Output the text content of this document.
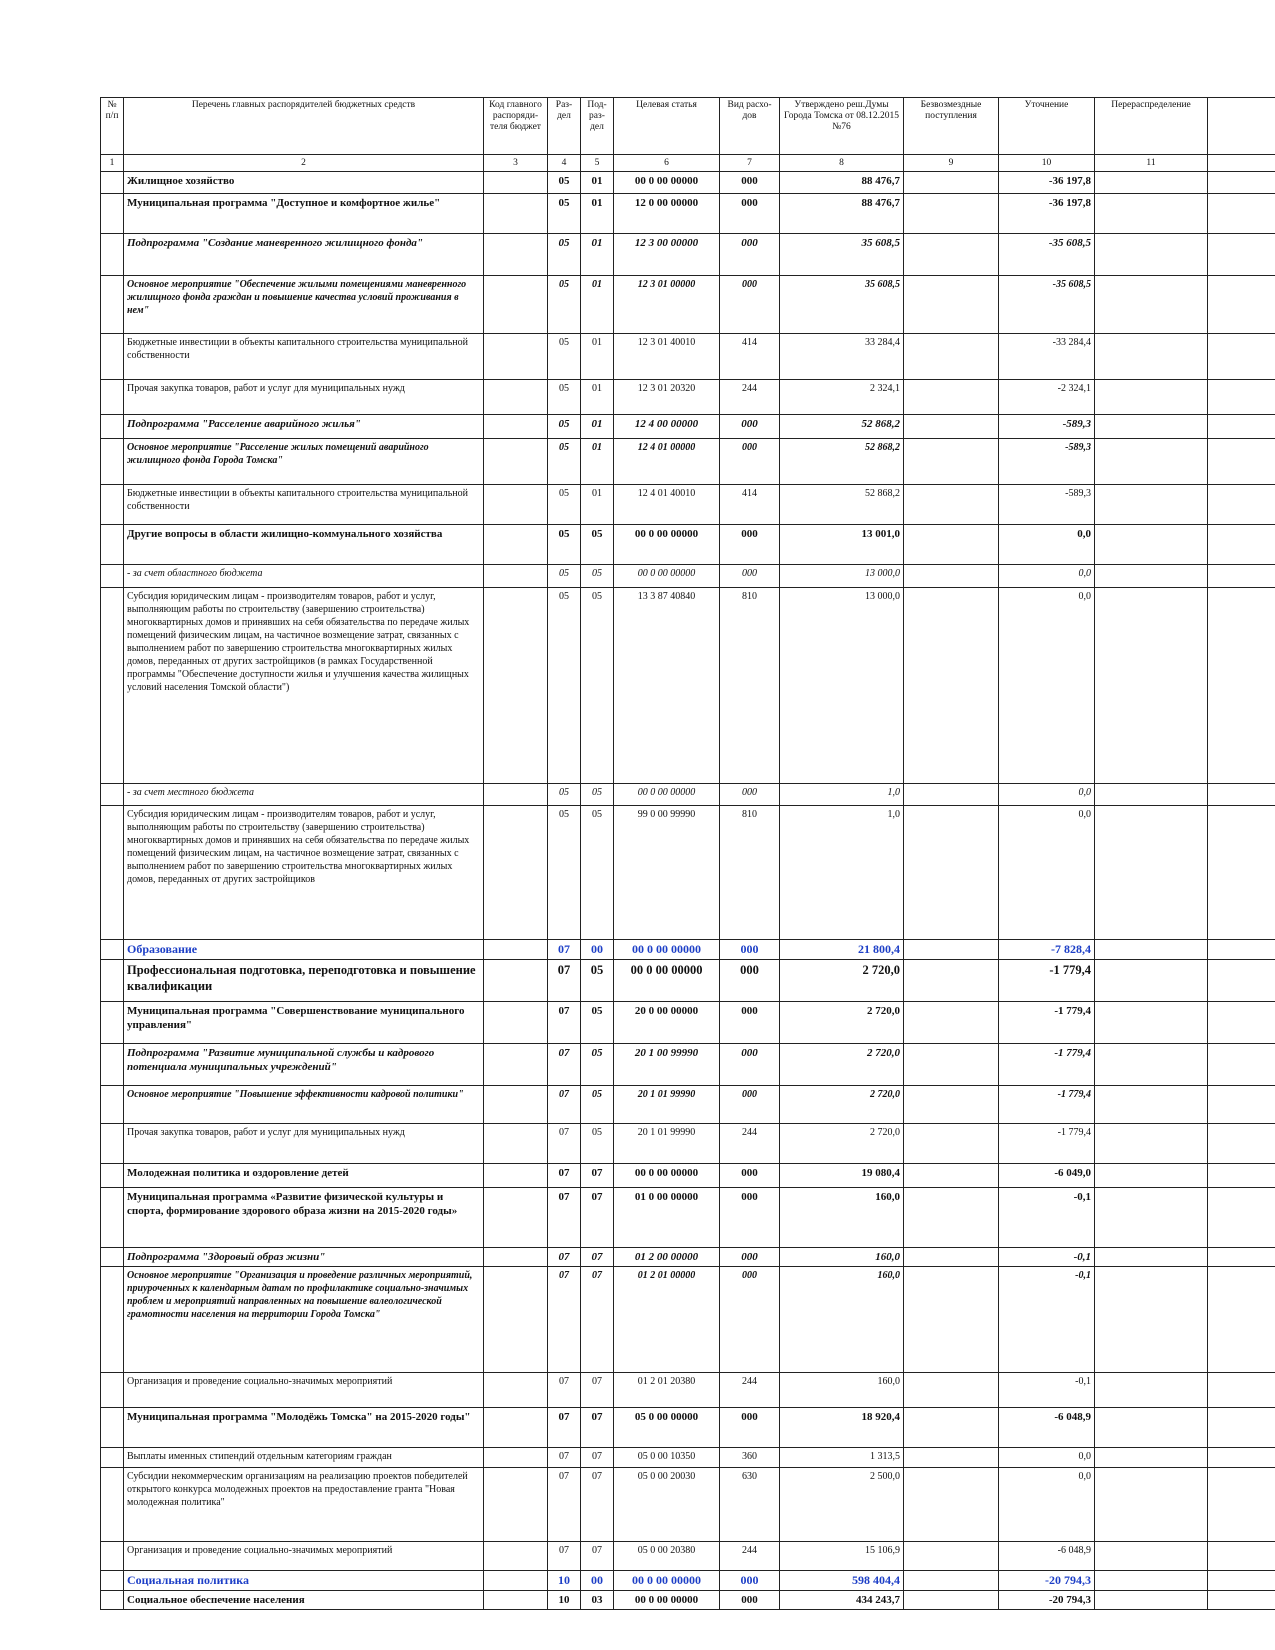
№ п/п	Перечень главных распорядителей бюджетных средств	Код главного распоряди-теля бюджет	Раз-дел	Под-раз-дел	Целевая статья	Вид расхо-дов	Утверждено реш.Думы Города Томска от 08.12.2015 №76	Безвозмездные поступления	Уточнение	Перераспределение	
1	2	3	4	5	6	7	8	9	10	11	
	Жилищное хозяйство		05	01	00 0 00 00000	000	88 476,7		-36 197,8		
	Муниципальная программа "Доступное и комфортное жилье"		05	01	12 0 00 00000	000	88 476,7		-36 197,8		
	Подпрограмма "Создание маневренного жилищного фонда"		05	01	12 3 00 00000	000	35 608,5		-35 608,5		
	Основное мероприятие "Обеспечение жилыми помещениями маневренного жилищного фонда граждан и повышение качества условий проживания в нем"		05	01	12 3 01 00000	000	35 608,5		-35 608,5		
	Бюджетные инвестиции в объекты капитального строительства муниципальной собственности		05	01	12 3 01 40010	414	33 284,4		-33 284,4		
	Прочая закупка товаров, работ и услуг для муниципальных нужд		05	01	12 3 01 20320	244	2 324,1		-2 324,1		
	Подпрограмма "Расселение аварийного жилья"		05	01	12 4 00 00000	000	52 868,2		-589,3		
	Основное мероприятие "Расселение жилых помещений аварийного жилищного фонда Города Томска"		05	01	12 4 01 00000	000	52 868,2		-589,3		
	Бюджетные инвестиции в объекты капитального строительства муниципальной собственности		05	01	12 4 01 40010	414	52 868,2		-589,3		
	Другие вопросы в области жилищно-коммунального хозяйства		05	05	00 0 00 00000	000	13 001,0		0,0		
	- за счет областного бюджета		05	05	00 0 00 00000	000	13 000,0		0,0		
	Субсидия юридическим лицам - производителям товаров, работ и услуг, выполняющим работы по строительству (завершению строительства) многоквартирных домов и принявших на себя обязательства по передаче жилых помещений физическим лицам, на частичное возмещение затрат, связанных с выполнением работ по завершению строительства многоквартирных жилых домов, переданных от других застройщиков (в рамках Государственной программы "Обеспечение доступности жилья и улучшения качества жилищных условий населения Томской области")		05	05	13 3 87 40840	810	13 000,0		0,0		
	- за счет местного бюджета		05	05	00 0 00 00000	000	1,0		0,0		
	Субсидия юридическим лицам - производителям товаров, работ и услуг, выполняющим работы по строительству (завершению строительства) многоквартирных домов и принявших на себя обязательства по передаче жилых помещений физическим лицам, на частичное возмещение затрат, связанных с выполнением работ по завершению строительства многоквартирных жилых домов, переданных от других застройщиков		05	05	99 0 00 99990	810	1,0		0,0		
	Образование		07	00	00 0 00 00000	000	21 800,4		-7 828,4		
	Профессиональная подготовка, переподготовка и повышение квалификации		07	05	00 0 00 00000	000	2 720,0		-1 779,4		
	Муниципальная программа "Совершенствование муниципального управления"		07	05	20 0 00 00000	000	2 720,0		-1 779,4		
	Подпрограмма "Развитие муниципальной службы и кадрового потенциала муниципальных учреждений"		07	05	20 1 00 99990	000	2 720,0		-1 779,4		
	Основное мероприятие "Повышение эффективности кадровой политики"		07	05	20 1 01 99990	000	2 720,0		-1 779,4		
	Прочая закупка товаров, работ и услуг для муниципальных нужд		07	05	20 1 01 99990	244	2 720,0		-1 779,4		
	Молодежная политика и оздоровление детей		07	07	00 0 00 00000	000	19 080,4		-6 049,0		
	Муниципальная программа «Развитие физической культуры и спорта, формирование здорового образа жизни на 2015-2020 годы»		07	07	01 0 00 00000	000	160,0		-0,1		
	Подпрограмма "Здоровый образ жизни"		07	07	01 2 00 00000	000	160,0		-0,1		
	Основное мероприятие "Организация и проведение различных мероприятий, приуроченных к календарным датам по профилактике социально-значимых проблем и мероприятий направленных на повышение валеологической грамотности населения на территории Города Томска"		07	07	01 2 01 00000	000	160,0		-0,1		
	Организация и проведение социально-значимых мероприятий		07	07	01 2 01 20380	244	160,0		-0,1		
	Муниципальная программа "Молодёжь Томска" на 2015-2020 годы"		07	07	05 0 00 00000	000	18 920,4		-6 048,9		
	Выплаты именных стипендий отдельным категориям граждан		07	07	05 0 00 10350	360	1 313,5		0,0		
	Субсидии некоммерческим организациям на реализацию проектов победителей открытого конкурса молодежных проектов на предоставление гранта "Новая молодежная политика"		07	07	05 0 00 20030	630	2 500,0		0,0		
	Организация и проведение социально-значимых мероприятий		07	07	05 0 00 20380	244	15 106,9		-6 048,9		
	Социальная политика		10	00	00 0 00 00000	000	598 404,4		-20 794,3		
	Социальное обеспечение населения		10	03	00 0 00 00000	000	434 243,7		-20 794,3		
